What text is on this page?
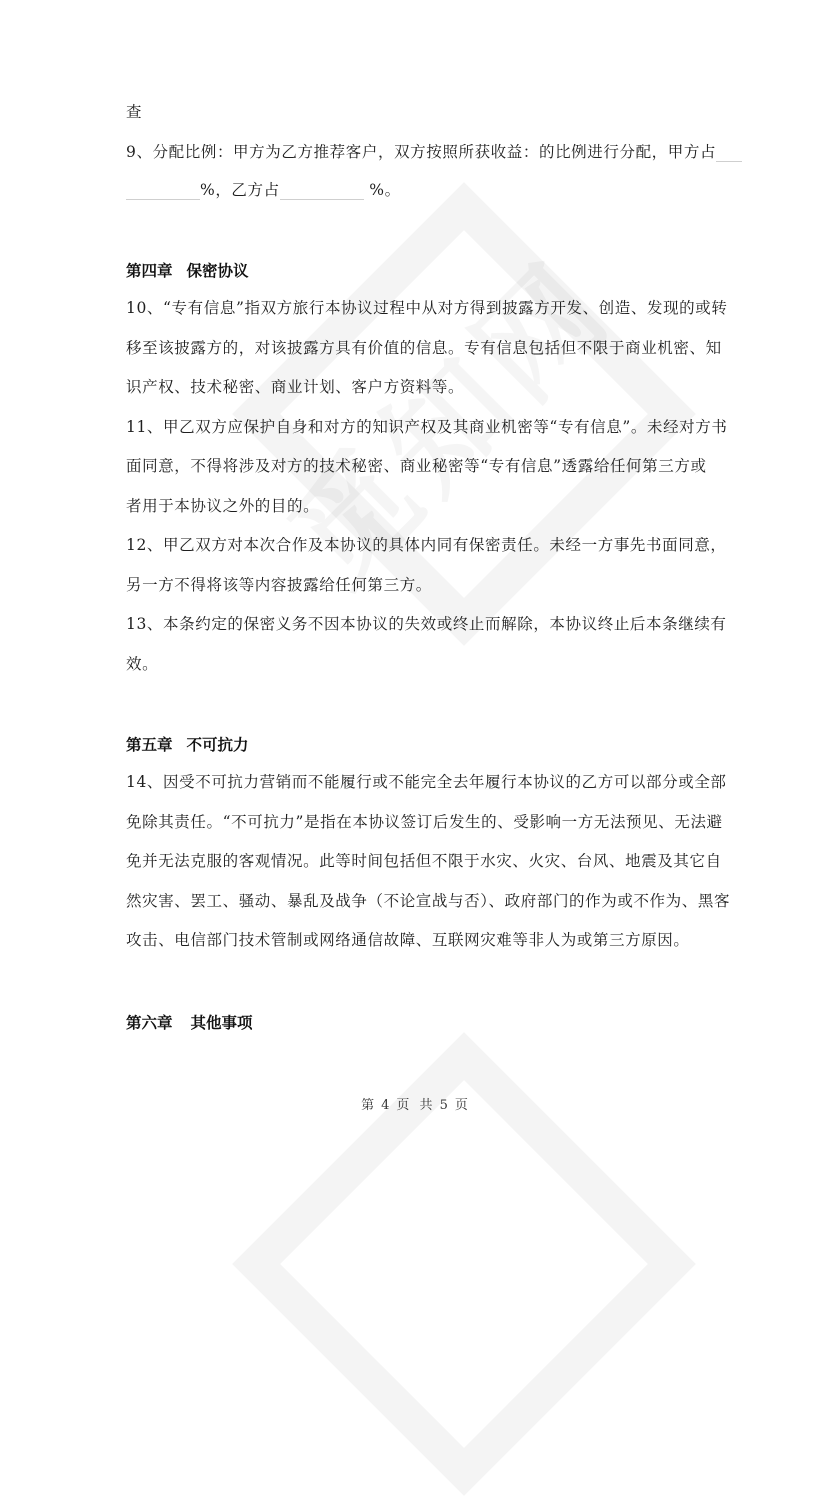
查
9、分配比例：甲方为乙方推荐客户，双方按照所获收益：的比例进行分配，甲方占
%，乙方占	%。
第四章 保密协议
10、“专有信息”指双方旅行本协议过程中从对方得到披露方开发、创造、发现的或转
移至该披露方的，对该披露方具有价值的信息。专有信息包括但不限于商业机密、知
识产权、技术秘密、商业计划、客户方资料等。
11、甲乙双方应保护自身和对方的知识产权及其商业机密等“专有信息”。未经对方书
面同意，不得将涉及对方的技术秘密、商业秘密等“专有信息”透露给任何第三方或
者用于本协议之外的目的。
12、甲乙双方对本次合作及本协议的具体内同有保密责任。未经一方事先书面同意，
另一方不得将该等内容披露给任何第三方。
13、本条约定的保密义务不因本协议的失效或终止而解除，本协议终止后本条继续有
效。
第五章 不可抗力
14、因受不可抗力营销而不能履行或不能完全去年履行本协议的乙方可以部分或全部
免除其责任。“不可抗力”是指在本协议签订后发生的、受影响一方无法预见、无法避
免并无法克服的客观情况。此等时间包括但不限于水灾、火灾、台风、地震及其它自
然灾害、罢工、骚动、暴乱及战争（不论宣战与否）、政府部门的作为或不作为、黑客
攻击、电信部门技术管制或网络通信故障、互联网灾难等非人为或第三方原因。
第六章 其他事项
第 4 页 共 5 页
